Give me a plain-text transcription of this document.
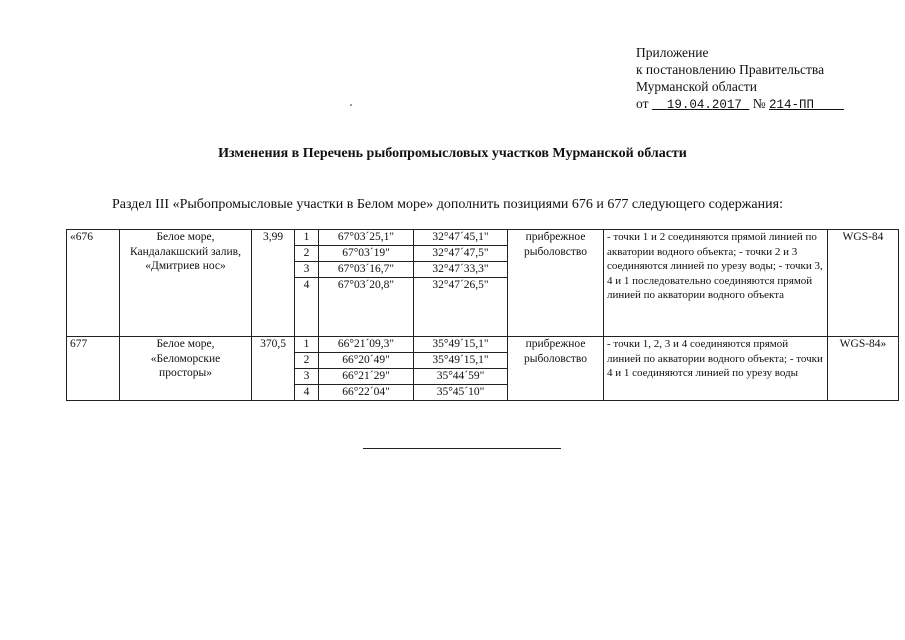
Приложение
к постановлению Правительства
Мурманской области
от 19.04.2017 № 214-ПП
Изменения в Перечень рыбопромысловых участков Мурманской области
Раздел III «Рыбопромысловые участки в Белом море» дополнить позициями 676 и 677 следующего содержания:
«676	Белое море, Кандалакшский залив, «Дмитриев нос»	3,99	1	67°03´25,1"	32°47´45,1"	прибрежное рыболовство	- точки 1 и 2 соединяются прямой линией по акватории водного объекта; - точки 2 и 3 соединяются линией по урезу воды; - точки 3, 4 и 1 последовательно соединяются прямой линией по акватории водного объекта	WGS-84
			2	67°03´19"	32°47´47,5"			
			3	67°03´16,7"	32°47´33,3"			
			4	67°03´20,8"	32°47´26,5"			
677	Белое море, «Беломорские просторы»	370,5	1	66°21´09,3"	35°49´15,1"	прибрежное рыболовство	- точки 1, 2, 3 и 4 соединяются прямой линией по акватории водного объекта; - точки 4 и 1 соединяются линией по урезу воды	WGS-84»
			2	66°20´49"	35°49´15,1"			
			3	66°21´29"	35°44´59"			
			4	66°22´04"	35°45´10"			
